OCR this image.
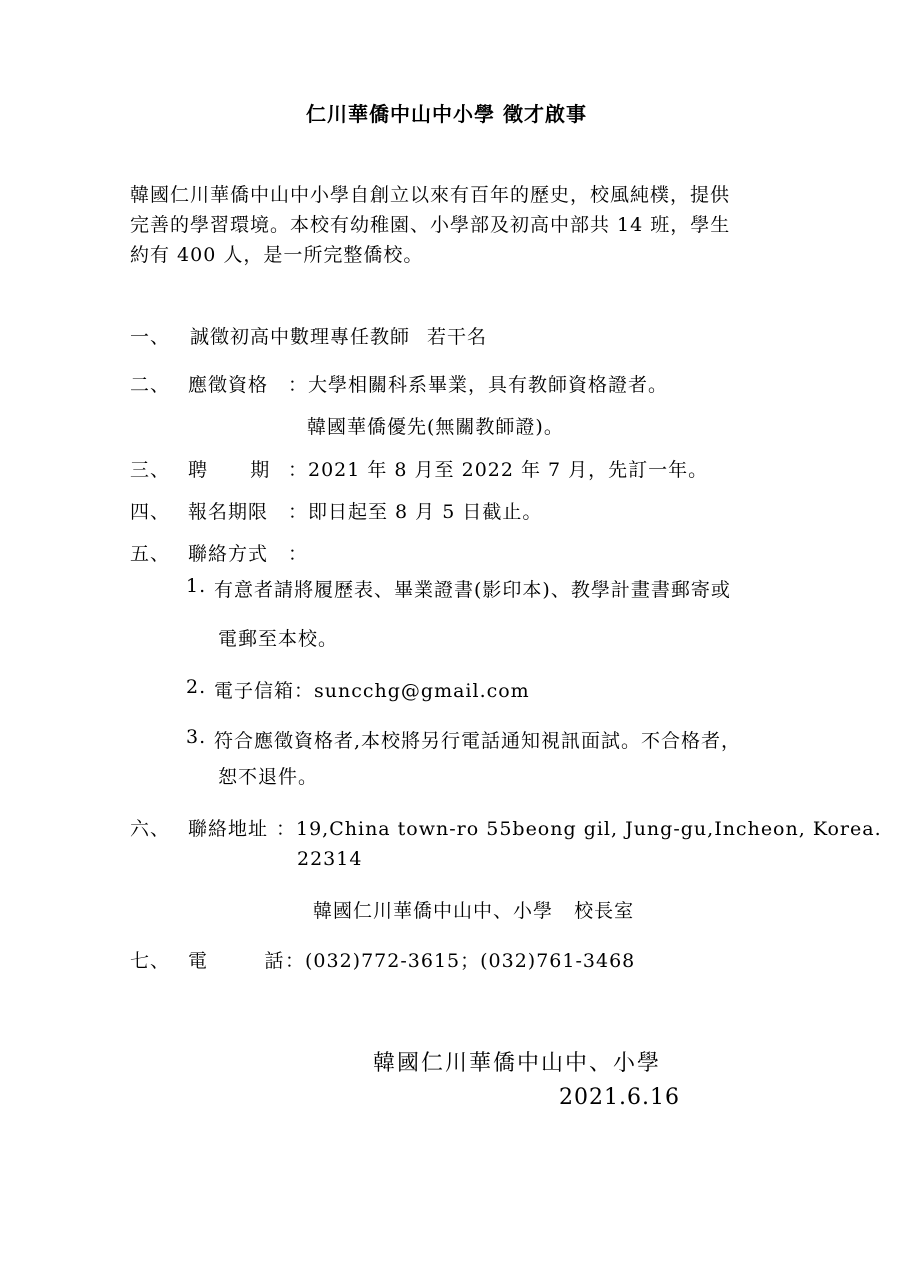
仁川華僑中山中小學 徵才啟事
韓國仁川華僑中山中小學自創立以來有百年的歷史，校風純樸，提供
完善的學習環境。本校有幼稚園、小學部及初高中部共 14 班，學生
約有 400 人，是一所完整僑校。
一、 誠徵初高中數理專任教師 若干名
二、 應徵資格 ：大學相關科系畢業，具有教師資格證者。
韓國華僑優先(無關教師證)。
三、 聘      期 ：2021 年 8 月至 2022 年 7 月，先訂一年。
四、 報名期限 ：即日起至 8 月 5 日截止。
五、 聯絡方式 ：
1. 有意者請將履歷表、畢業證書(影印本)、教學計畫書郵寄或
電郵至本校。
2. 電子信箱：suncchg@gmail.com
3. 符合應徵資格者,本校將另行電話通知視訊面試。不合格者，
恕不退件。
六、 聯絡地址 ：19,China town-ro 55beong gil, Jung-gu,Incheon, Korea.
22314
韓國仁川華僑中山中、小學   校長室
七、 電        話 ：(032)772-3615；(032)761-3468
韓國仁川華僑中山中、小學
2021.6.16
